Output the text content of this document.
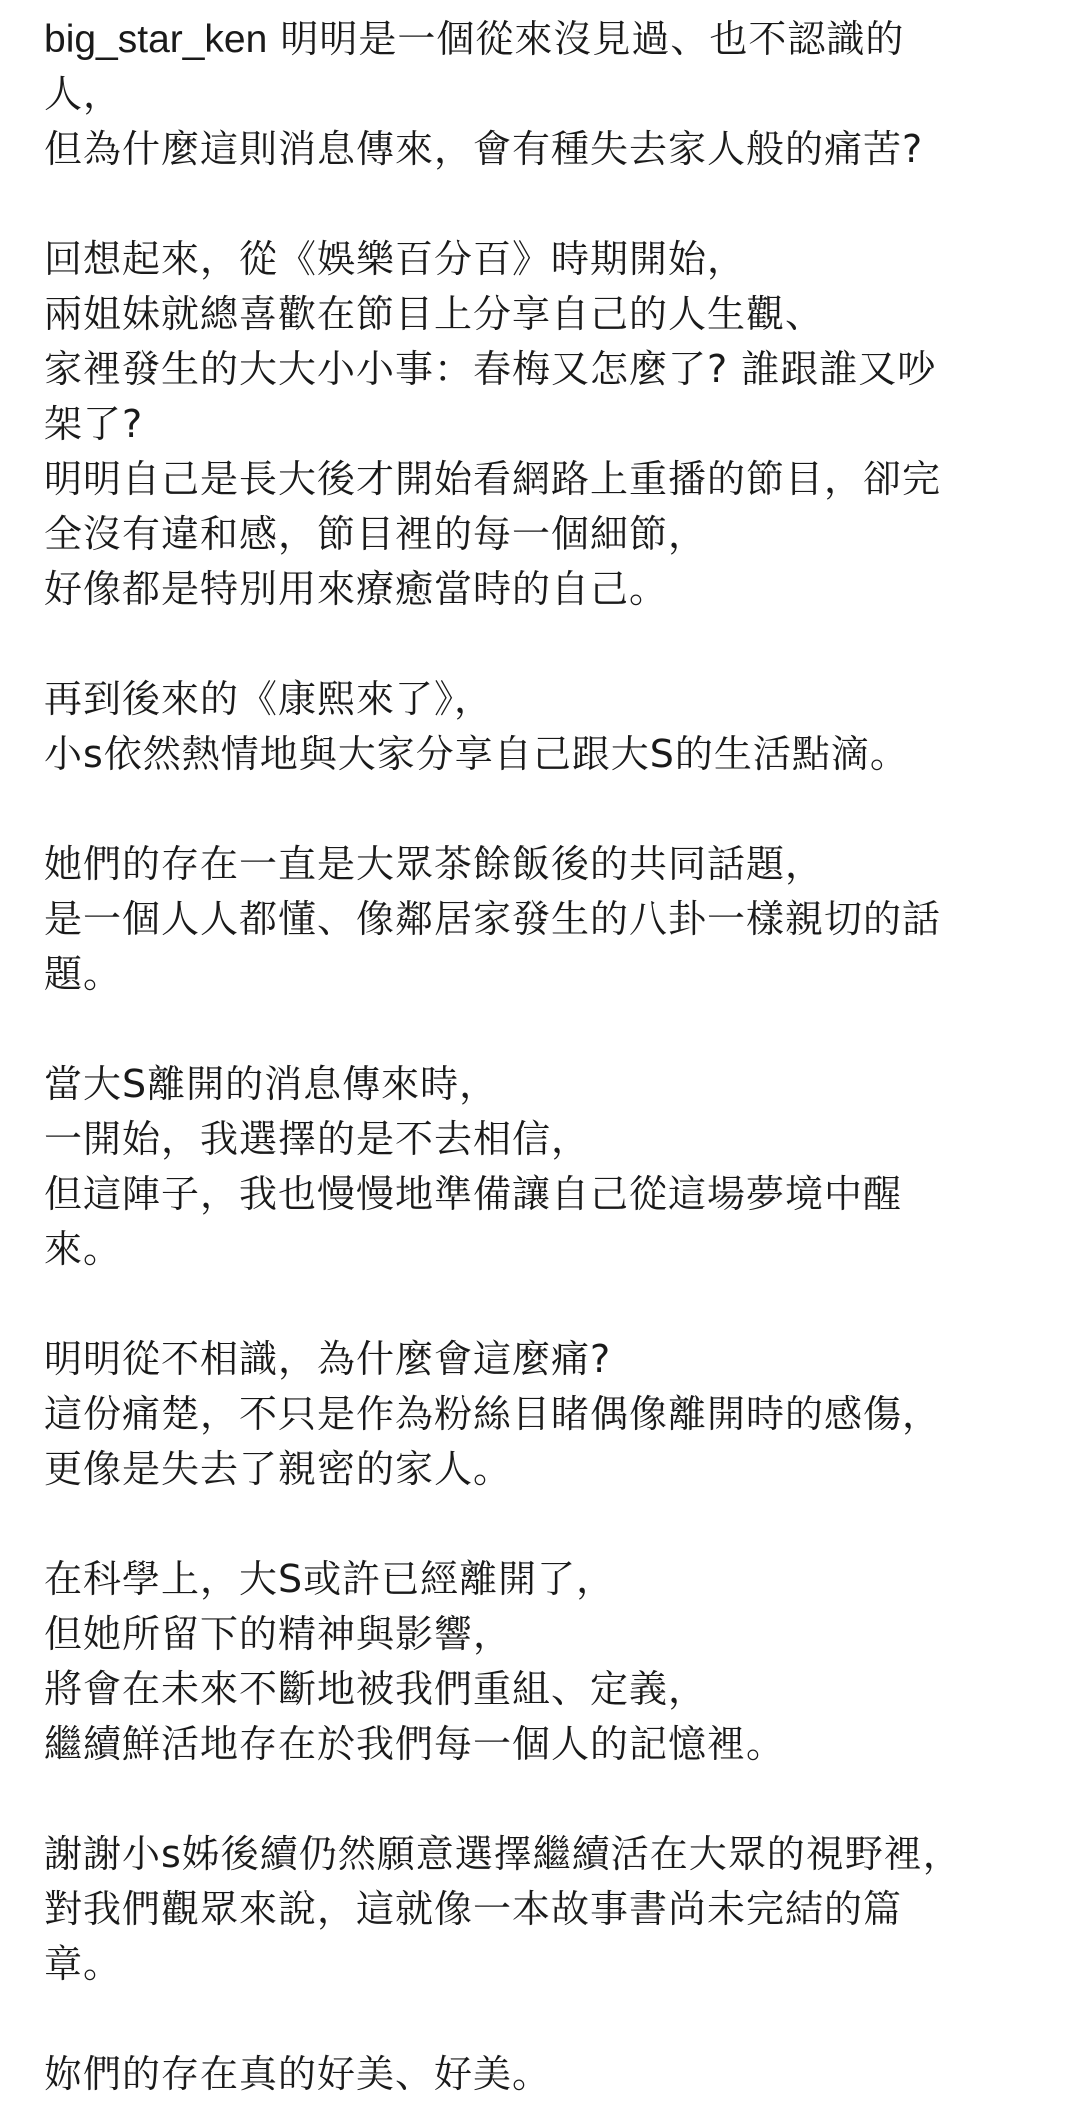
big_star_ken 明明是一個從來沒見過、也不認識的
人，
但為什麼這則消息傳來，會有種失去家人般的痛苦?
回想起來，從《娛樂百分百》時期開始，
兩姐妹就總喜歡在節目上分享自己的人生觀、
家裡發生的大大小小事：春梅又怎麼了? 誰跟誰又吵
架了?
明明自己是長大後才開始看網路上重播的節目，卻完
全沒有違和感，節目裡的每一個細節，
好像都是特別用來療癒當時的自己。
再到後來的《康熙來了》，
小s依然熱情地與大家分享自己跟大S的生活點滴。
她們的存在一直是大眾茶餘飯後的共同話題，
是一個人人都懂、像鄰居家發生的八卦一樣親切的話
題。
當大S離開的消息傳來時，
一開始，我選擇的是不去相信，
但這陣子，我也慢慢地準備讓自己從這場夢境中醒
來。
明明從不相識，為什麼會這麼痛?
這份痛楚，不只是作為粉絲目睹偶像離開時的感傷，
更像是失去了親密的家人。
在科學上，大S或許已經離開了，
但她所留下的精神與影響，
將會在未來不斷地被我們重組、定義，
繼續鮮活地存在於我們每一個人的記憶裡。
謝謝小s姊後續仍然願意選擇繼續活在大眾的視野裡，
對我們觀眾來說，這就像一本故事書尚未完結的篇
章。
妳們的存在真的好美、好美。
